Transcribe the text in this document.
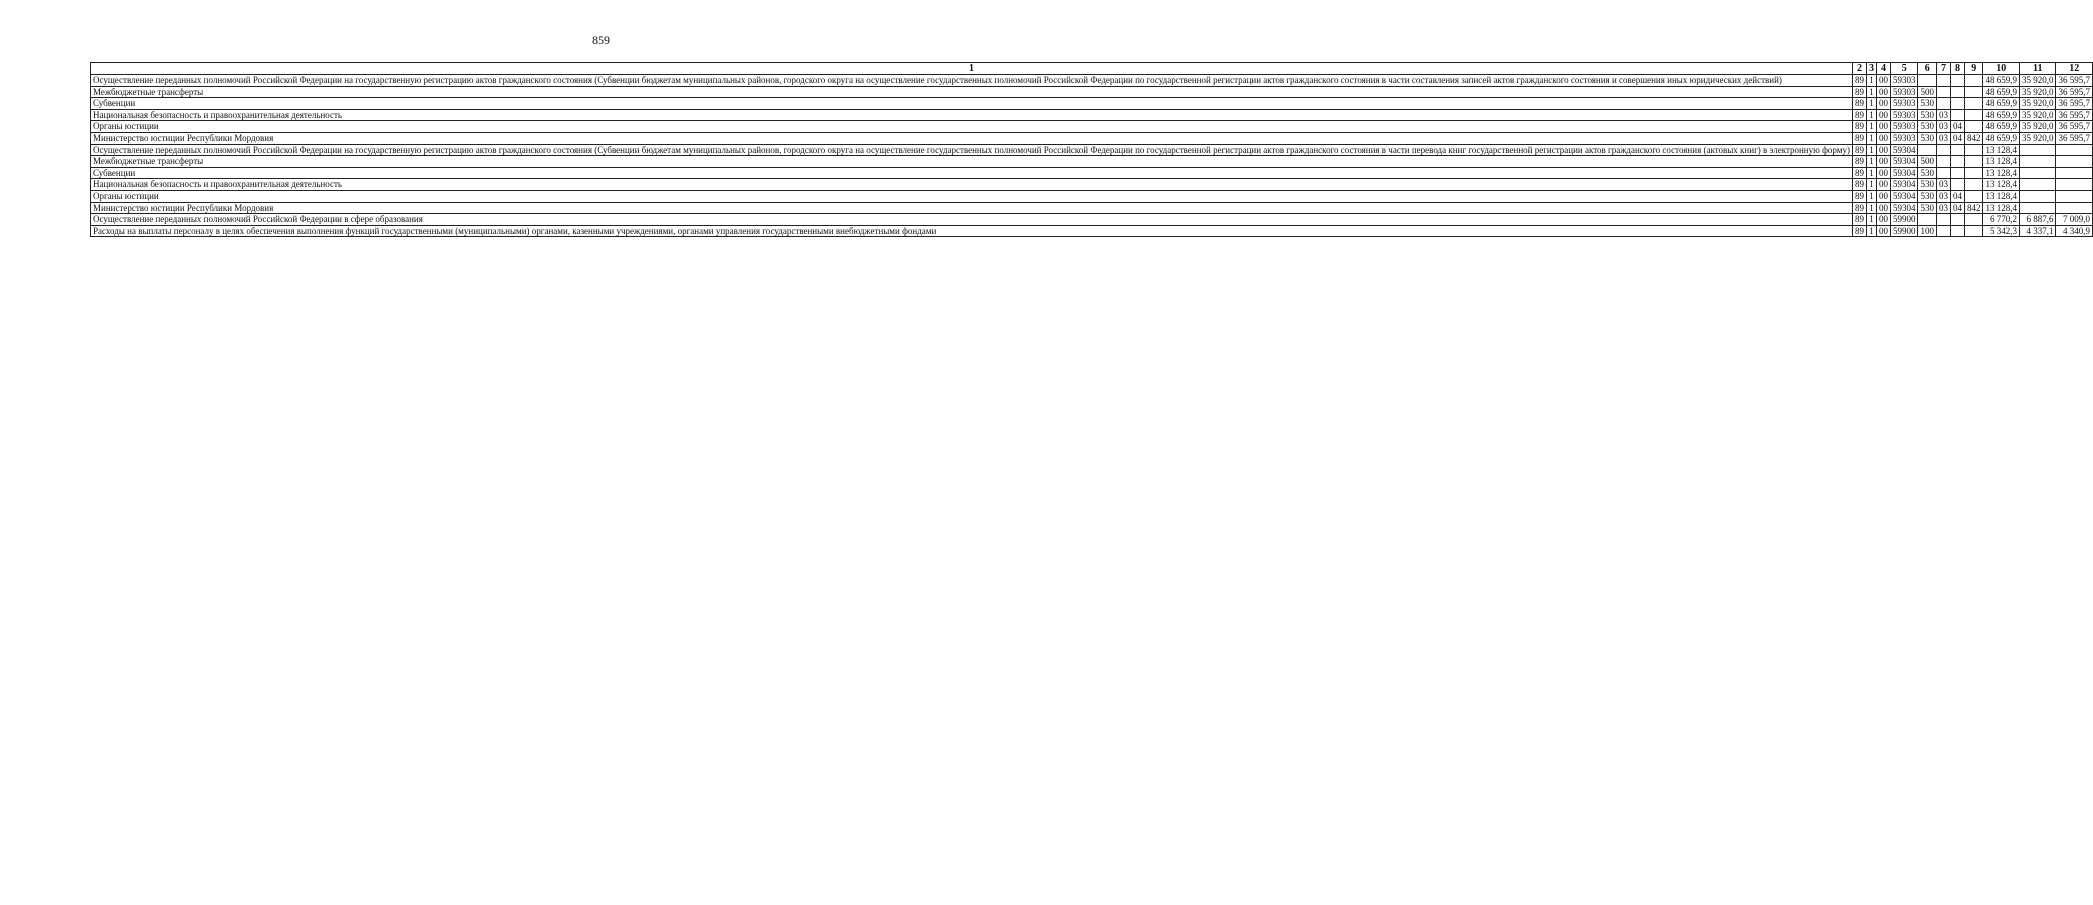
859
1	2	3	4	5	6	7	8	9	10	11	12
Осуществление переданных полномочий Российской Федерации на государственную регистрацию актов гражданского состояния (Субвенции бюджетам муниципальных районов, городского округа на осуществление государственных полномочий Российской Федерации по государственной регистрации актов гражданского состояния в части составления записей актов гражданского состояния и совершения иных юридических действий)	89	1	00	59303					48 659,9	35 920,0	36 595,7
Межбюджетные трансферты	89	1	00	59303	500				48 659,9	35 920,0	36 595,7
Субвенции	89	1	00	59303	530				48 659,9	35 920,0	36 595,7
Национальная безопасность и правоохранительная деятельность	89	1	00	59303	530	03			48 659,9	35 920,0	36 595,7
Органы юстиции	89	1	00	59303	530	03	04		48 659,9	35 920,0	36 595,7
Министерство юстиции Республики Мордовия	89	1	00	59303	530	03	04	842	48 659,9	35 920,0	36 595,7
Осуществление переданных полномочий Российской Федерации на государственную регистрацию актов гражданского состояния (Субвенции бюджетам муниципальных районов, городского округа на осуществление государственных полномочий Российской Федерации по государственной регистрации актов гражданского состояния в части перевода книг государственной регистрации актов гражданского состояния (актовых книг) в электронную форму)	89	1	00	59304					13 128,4		
Межбюджетные трансферты	89	1	00	59304	500				13 128,4		
Субвенции	89	1	00	59304	530				13 128,4		
Национальная безопасность и правоохранительная деятельность	89	1	00	59304	530	03			13 128,4		
Органы юстиции	89	1	00	59304	530	03	04		13 128,4		
Министерство юстиции Республики Мордовия	89	1	00	59304	530	03	04	842	13 128,4		
Осуществление переданных полномочий Российской Федерации в сфере образования	89	1	00	59900					6 770,2	6 887,6	7 009,0
Расходы на выплаты персоналу в целях обеспечения выполнения функций государственными (муниципальными) органами, казенными учреждениями, органами управления государственными внебюджетными фондами	89	1	00	59900	100				5 342,3	4 337,1	4 340,9
